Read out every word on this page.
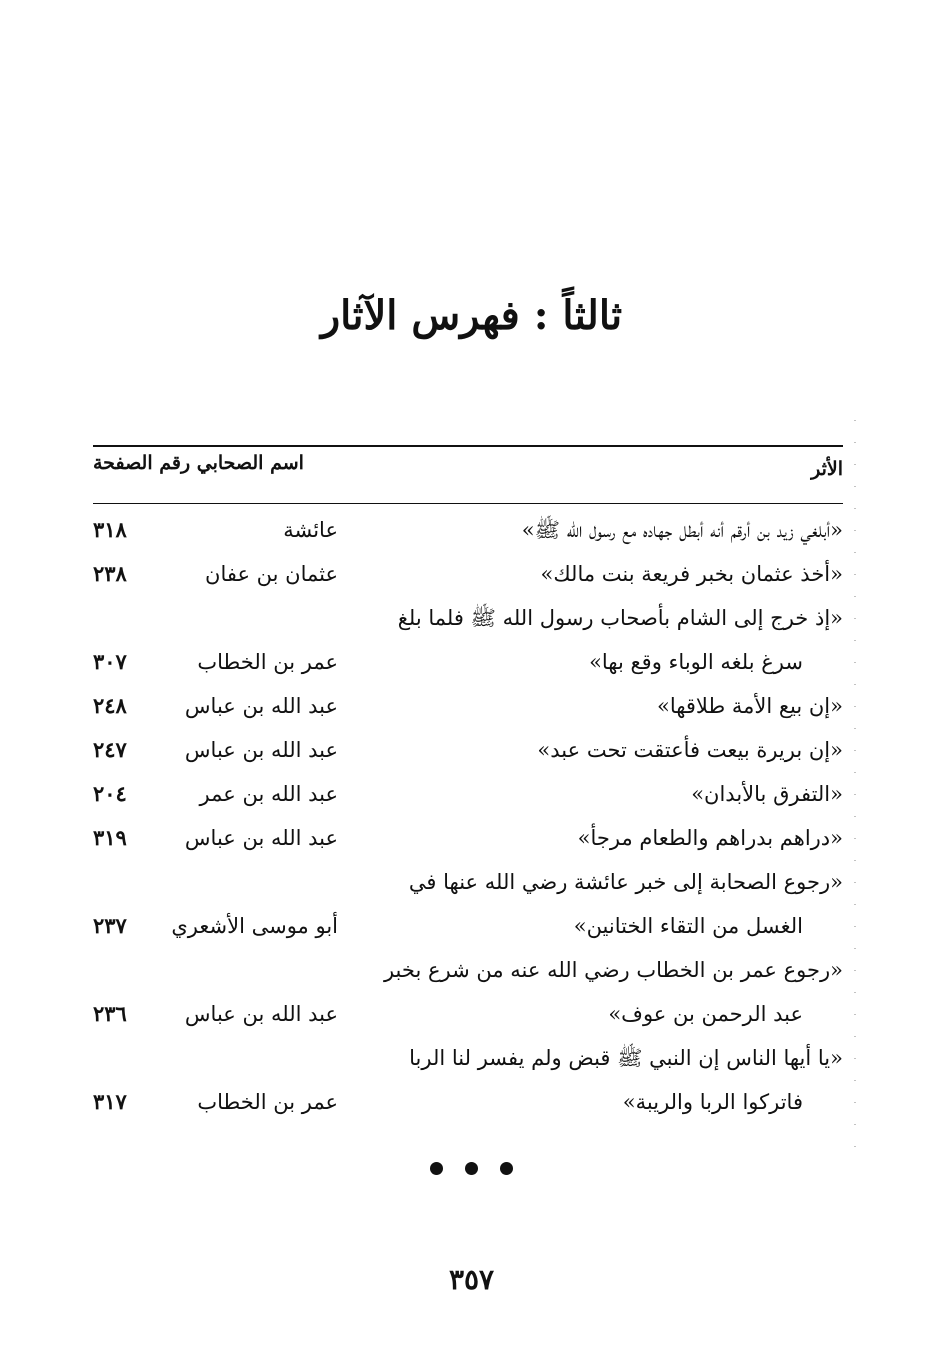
ثالثاً : فهرس الآثار
الأثر
اسم الصحابي رقم الصفحة
«أبلغي زيد بن أرقم أنه أبطل جهاده مع رسول الله ﷺ»
عائشة
٣١٨
«أخذ عثمان بخبر فريعة بنت مالك»
عثمان بن عفان
٢٣٨
«إذ خرج إلى الشام بأصحاب رسول الله ﷺ فلما بلغ
سرغ بلغه الوباء وقع بها»
عمر بن الخطاب
٣٠٧
«إن بيع الأمة طلاقها»
عبد الله بن عباس
٢٤٨
«إن بريرة بيعت فأعتقت تحت عبد»
عبد الله بن عباس
٢٤٧
«التفرق بالأبدان»
عبد الله بن عمر
٢٠٤
«دراهم بدراهم والطعام مرجأ»
عبد الله بن عباس
٣١٩
«رجوع الصحابة إلى خبر عائشة رضي الله عنها في
الغسل من التقاء الختانين»
أبو موسى الأشعري
٢٣٧
«رجوع عمر بن الخطاب رضي الله عنه من شرع بخبر
عبد الرحمن بن عوف»
عبد الله بن عباس
٢٣٦
«يا أيها الناس إن النبي ﷺ قبض ولم يفسر لنا الربا
فاتركوا الربا والريبة»
عمر بن الخطاب
٣١٧
٣٥٧
